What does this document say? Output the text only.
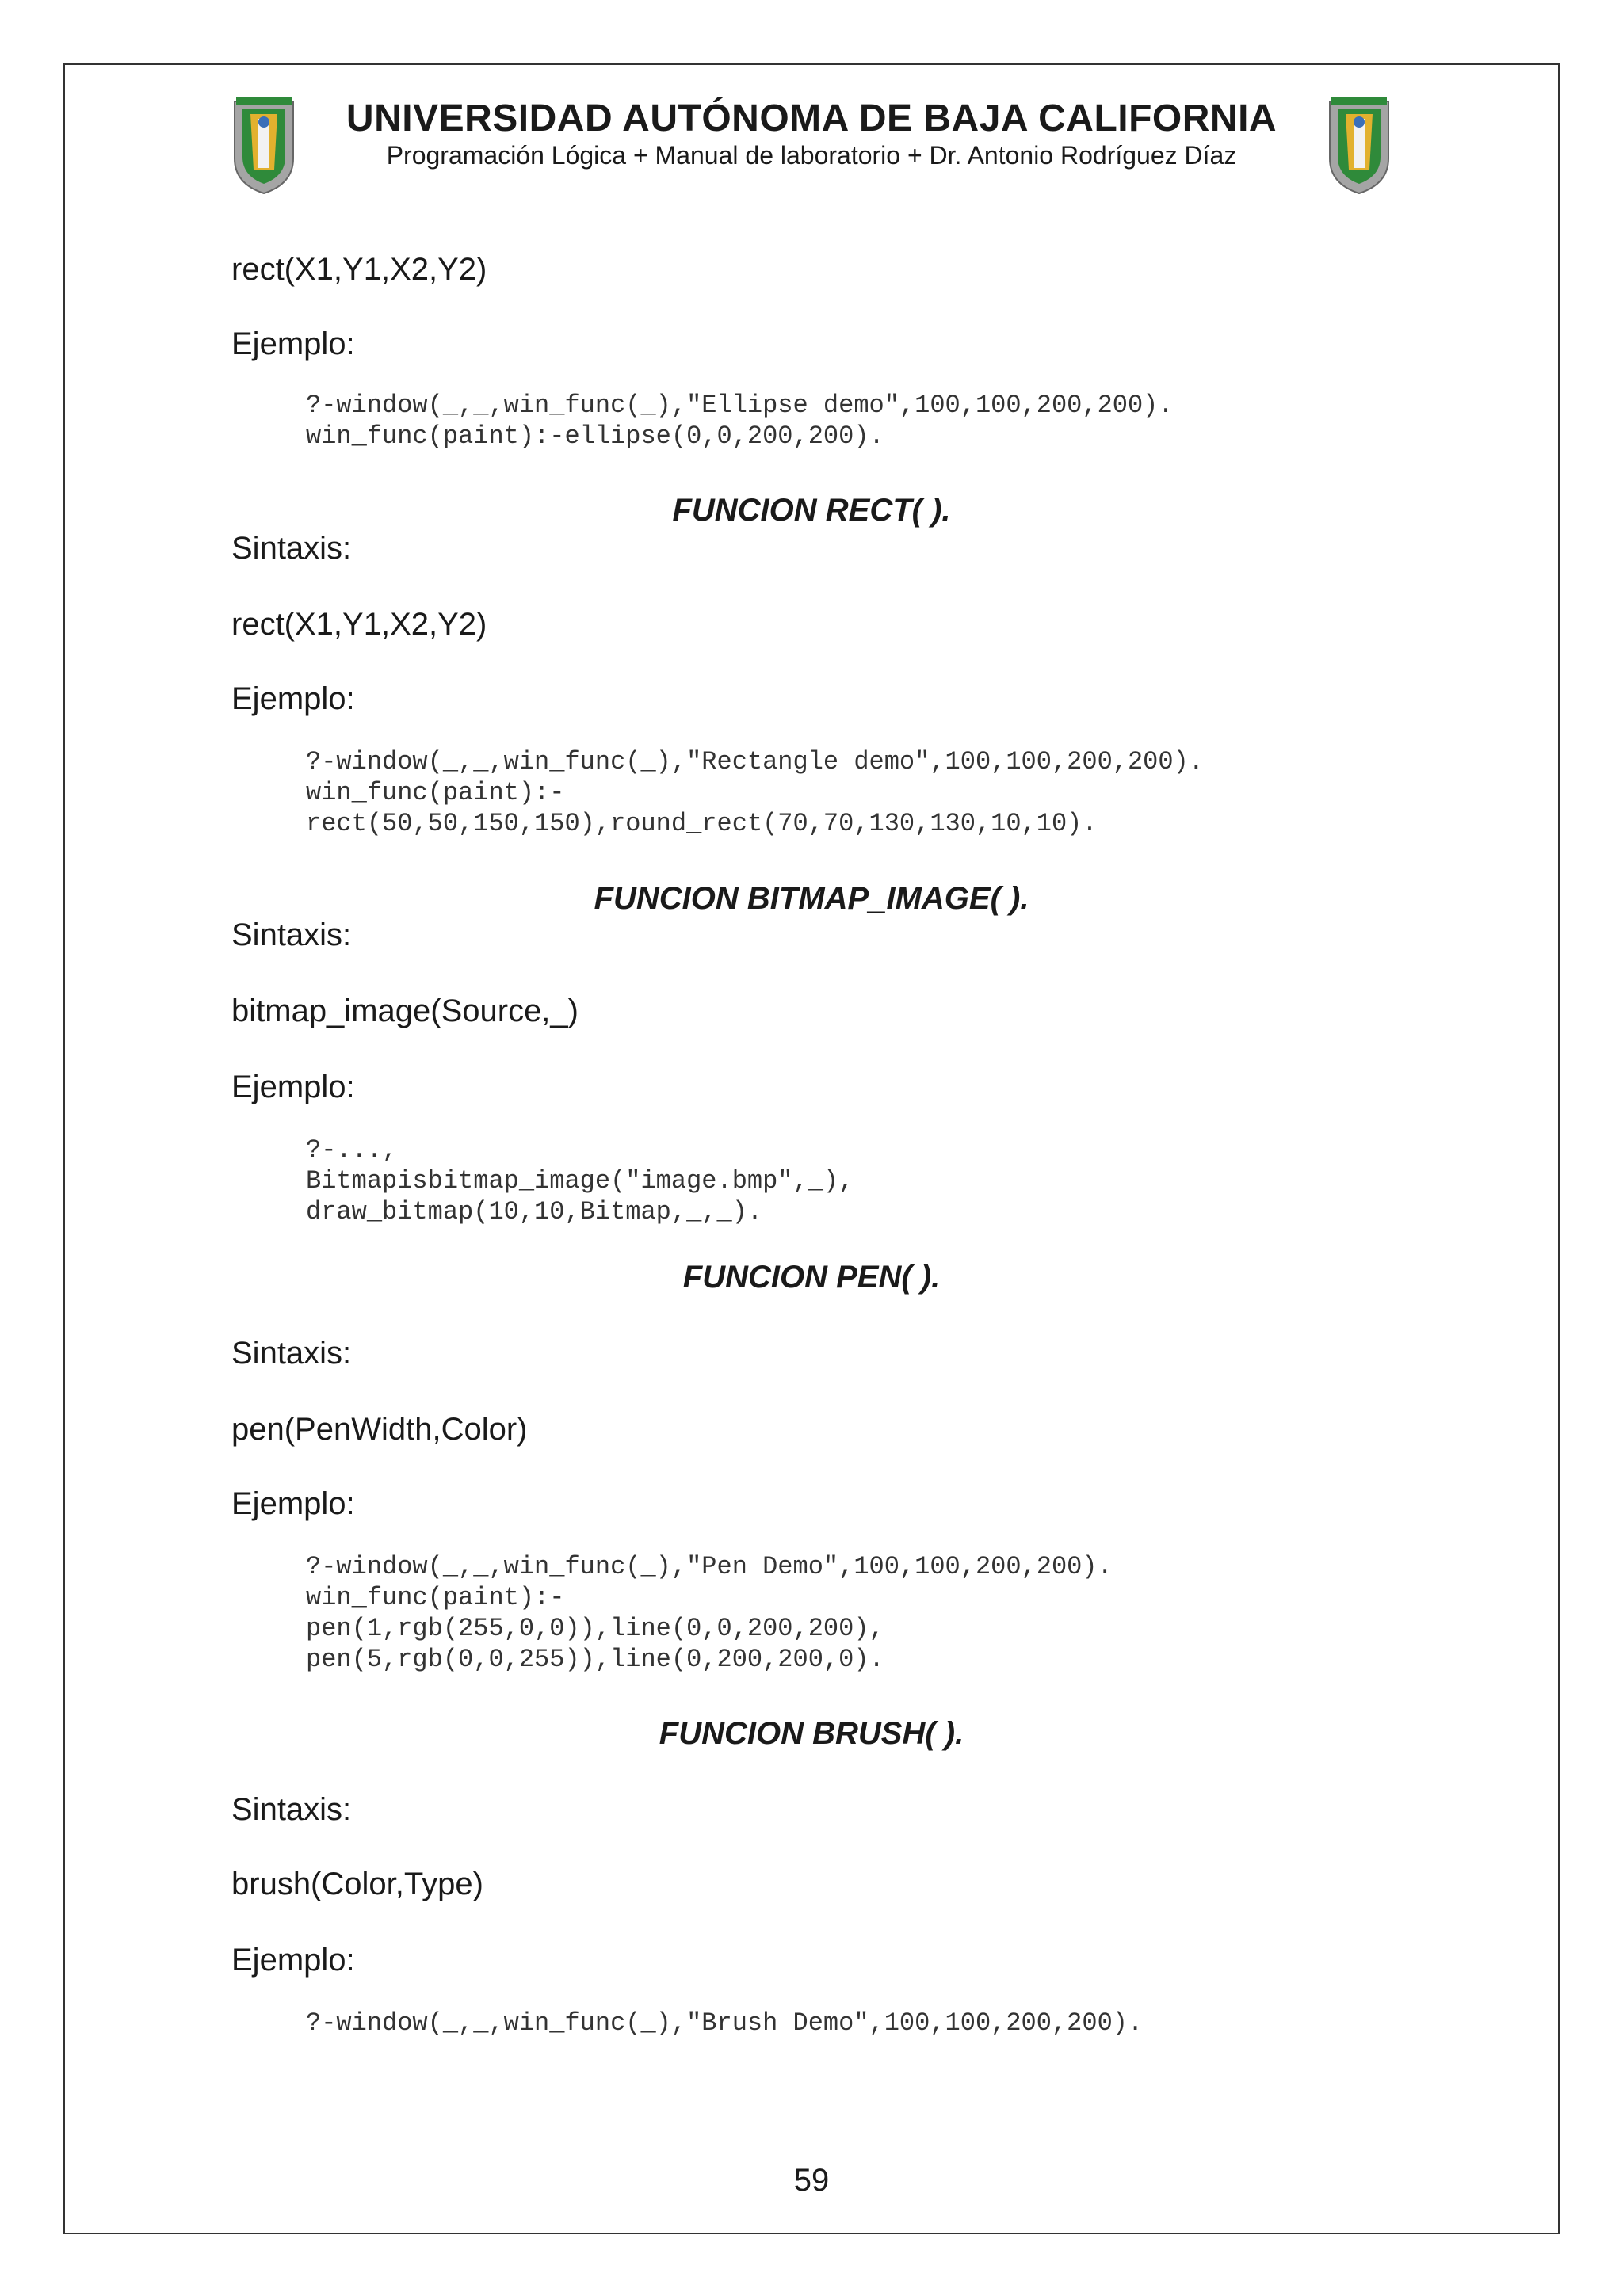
UNIVERSIDAD AUTÓNOMA DE BAJA CALIFORNIA
Programación Lógica + Manual de laboratorio + Dr. Antonio Rodríguez Díaz
rect(X1,Y1,X2,Y2)
Ejemplo:
?-window(_,_,win_func(_),"Ellipse demo",100,100,200,200).
win_func(paint):-ellipse(0,0,200,200).
FUNCION RECT( ).
Sintaxis:
rect(X1,Y1,X2,Y2)
Ejemplo:
?-window(_,_,win_func(_),"Rectangle demo",100,100,200,200).
win_func(paint):-
rect(50,50,150,150),round_rect(70,70,130,130,10,10).
FUNCION BITMAP_IMAGE( ).
Sintaxis:
bitmap_image(Source,_)
Ejemplo:
?-...,
Bitmapisbitmap_image("image.bmp",_),
draw_bitmap(10,10,Bitmap,_,_).
FUNCION PEN( ).
Sintaxis:
pen(PenWidth,Color)
Ejemplo:
?-window(_,_,win_func(_),"Pen Demo",100,100,200,200).
win_func(paint):-
pen(1,rgb(255,0,0)),line(0,0,200,200),
pen(5,rgb(0,0,255)),line(0,200,200,0).
FUNCION BRUSH( ).
Sintaxis:
brush(Color,Type)
Ejemplo:
?-window(_,_,win_func(_),"Brush Demo",100,100,200,200).
59
